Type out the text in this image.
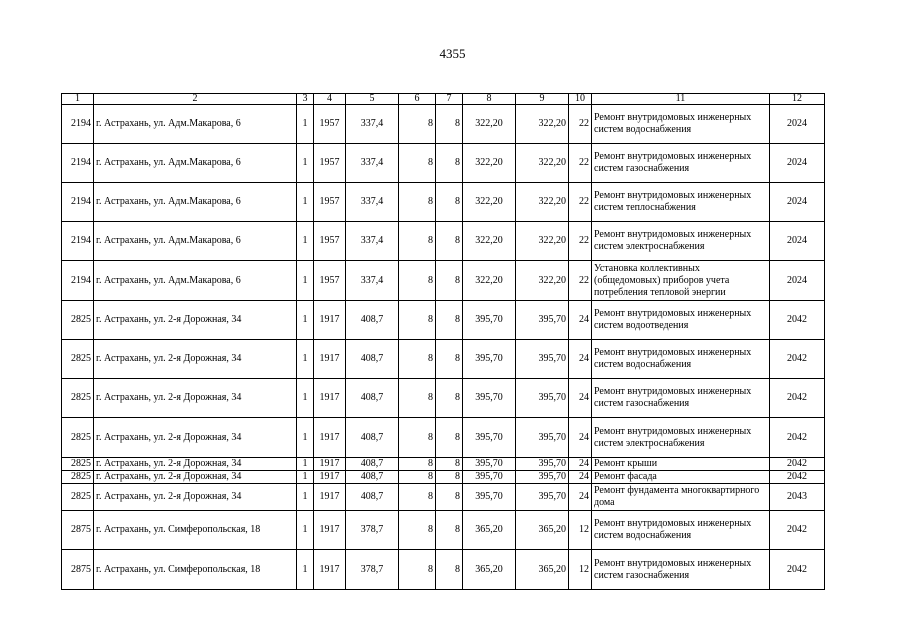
4355
1	2	3	4	5	6	7	8	9	10	11	12
2194	г. Астрахань, ул. Адм.Макарова, 6	1	1957	337,4	8	8	322,20	322,20	22	Ремонт внутридомовых инженерных систем водоснабжения	2024
2194	г. Астрахань, ул. Адм.Макарова, 6	1	1957	337,4	8	8	322,20	322,20	22	Ремонт внутридомовых инженерных систем газоснабжения	2024
2194	г. Астрахань, ул. Адм.Макарова, 6	1	1957	337,4	8	8	322,20	322,20	22	Ремонт внутридомовых инженерных систем теплоснабжения	2024
2194	г. Астрахань, ул. Адм.Макарова, 6	1	1957	337,4	8	8	322,20	322,20	22	Ремонт внутридомовых инженерных систем электроснабжения	2024
2194	г. Астрахань, ул. Адм.Макарова, 6	1	1957	337,4	8	8	322,20	322,20	22	Установка коллективных (общедомовых) приборов учета потребления тепловой энергии	2024
2825	г. Астрахань, ул. 2-я Дорожная, 34	1	1917	408,7	8	8	395,70	395,70	24	Ремонт внутридомовых инженерных систем водоотведения	2042
2825	г. Астрахань, ул. 2-я Дорожная, 34	1	1917	408,7	8	8	395,70	395,70	24	Ремонт внутридомовых инженерных систем водоснабжения	2042
2825	г. Астрахань, ул. 2-я Дорожная, 34	1	1917	408,7	8	8	395,70	395,70	24	Ремонт внутридомовых инженерных систем газоснабжения	2042
2825	г. Астрахань, ул. 2-я Дорожная, 34	1	1917	408,7	8	8	395,70	395,70	24	Ремонт внутридомовых инженерных систем электроснабжения	2042
2825	г. Астрахань, ул. 2-я Дорожная, 34	1	1917	408,7	8	8	395,70	395,70	24	Ремонт крыши	2042
2825	г. Астрахань, ул. 2-я Дорожная, 34	1	1917	408,7	8	8	395,70	395,70	24	Ремонт фасада	2042
2825	г. Астрахань, ул. 2-я Дорожная, 34	1	1917	408,7	8	8	395,70	395,70	24	Ремонт фундамента многоквартирного дома	2043
2875	г. Астрахань, ул. Симферопольская, 18	1	1917	378,7	8	8	365,20	365,20	12	Ремонт внутридомовых инженерных систем водоснабжения	2042
2875	г. Астрахань, ул. Симферопольская, 18	1	1917	378,7	8	8	365,20	365,20	12	Ремонт внутридомовых инженерных систем газоснабжения	2042
